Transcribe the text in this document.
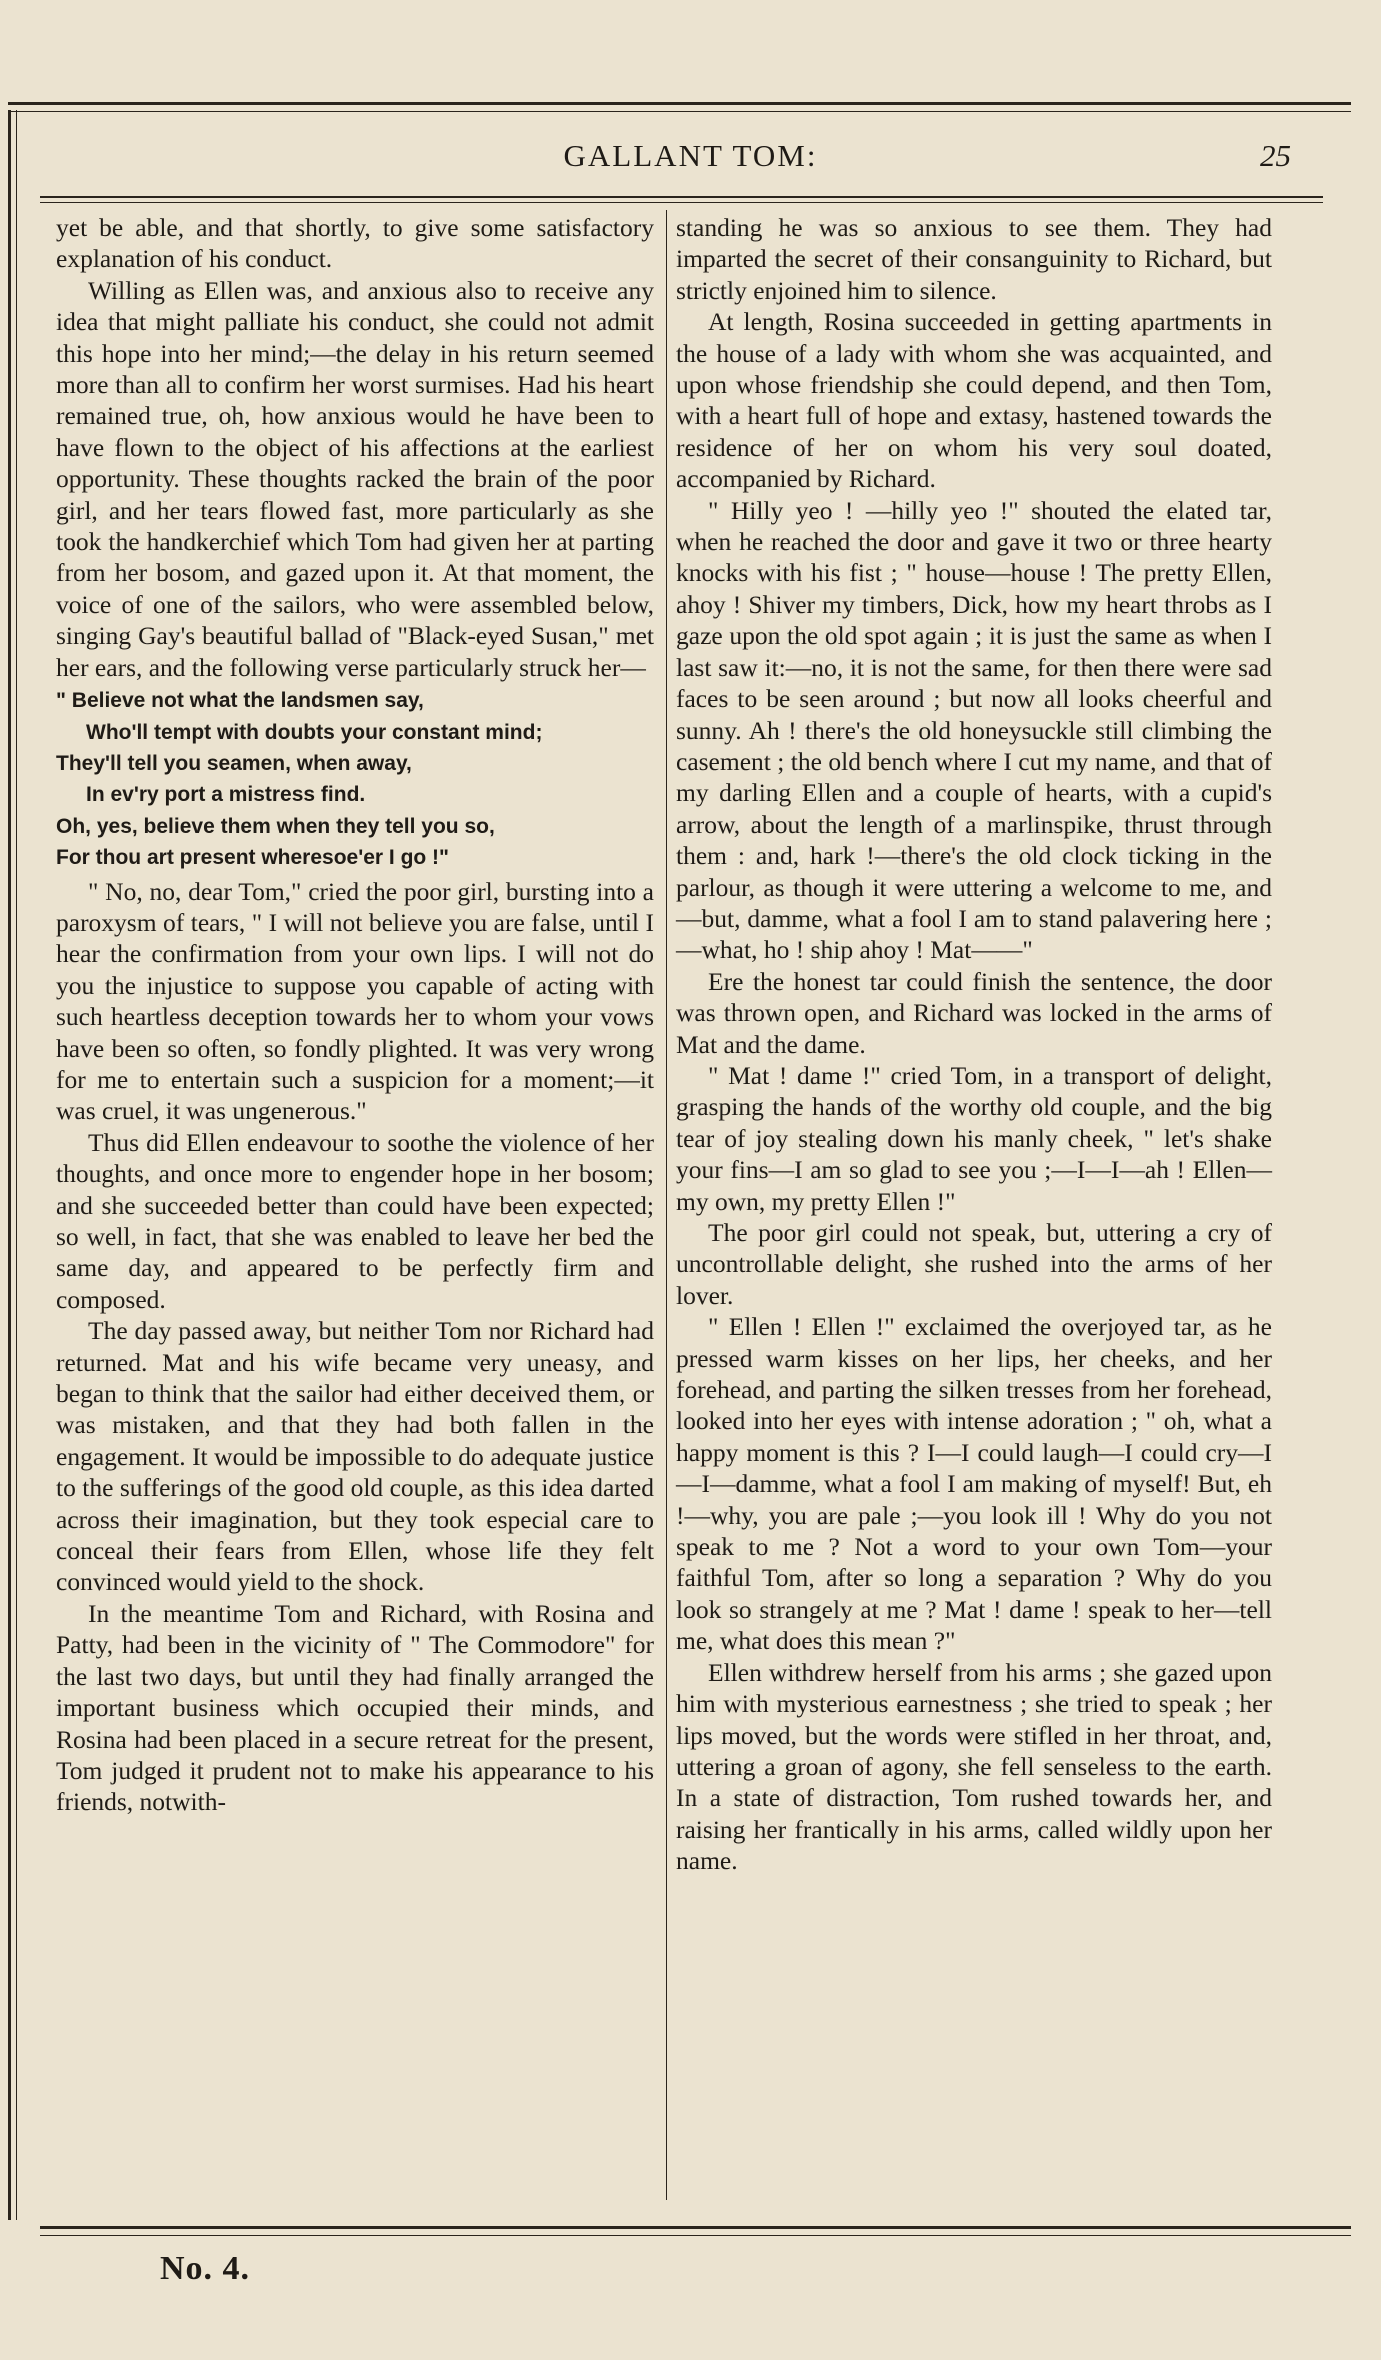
GALLANT TOM:	25

yet be able, and that shortly, to give some satisfactory explanation of his conduct.

Willing as Ellen was, and anxious also to receive any idea that might palliate his conduct, she could not admit this hope into her mind;—the delay in his return seemed more than all to confirm her worst surmises. Had his heart remained true, oh, how anxious would he have been to have flown to the object of his affections at the earliest opportunity. These thoughts racked the brain of the poor girl, and her tears flowed fast, more particularly as she took the handkerchief which Tom had given her at parting from her bosom, and gazed upon it. At that moment, the voice of one of the sailors, who were assembled below, singing Gay's beautiful ballad of "Black-eyed Susan," met her ears, and the following verse particularly struck her—

" Believe not what the landsmen say,
Who'll tempt with doubts your constant mind;
They'll tell you seamen, when away,
In ev'ry port a mistress find.
Oh, yes, believe them when they tell you so,
For thou art present wheresoe'er I go !"

" No, no, dear Tom," cried the poor girl, bursting into a paroxysm of tears, " I will not believe you are false, until I hear the confirmation from your own lips. I will not do you the injustice to suppose you capable of acting with such heartless deception towards her to whom your vows have been so often, so fondly plighted. It was very wrong for me to entertain such a suspicion for a moment;—it was cruel, it was ungenerous."

Thus did Ellen endeavour to soothe the violence of her thoughts, and once more to engender hope in her bosom; and she succeeded better than could have been expected; so well, in fact, that she was enabled to leave her bed the same day, and appeared to be perfectly firm and composed.

The day passed away, but neither Tom nor Richard had returned. Mat and his wife became very uneasy, and began to think that the sailor had either deceived them, or was mistaken, and that they had both fallen in the engagement. It would be impossible to do adequate justice to the sufferings of the good old couple, as this idea darted across their imagination, but they took especial care to conceal their fears from Ellen, whose life they felt convinced would yield to the shock.

In the meantime Tom and Richard, with Rosina and Patty, had been in the vicinity of " The Commodore" for the last two days, but until they had finally arranged the important business which occupied their minds, and Rosina had been placed in a secure retreat for the present, Tom judged it prudent not to make his appearance to his friends, notwith-

standing he was so anxious to see them. They had imparted the secret of their consanguinity to Richard, but strictly enjoined him to silence.

At length, Rosina succeeded in getting apartments in the house of a lady with whom she was acquainted, and upon whose friendship she could depend, and then Tom, with a heart full of hope and extasy, hastened towards the residence of her on whom his very soul doated, accompanied by Richard.

" Hilly yeo ! —hilly yeo !" shouted the elated tar, when he reached the door and gave it two or three hearty knocks with his fist ; " house—house ! The pretty Ellen, ahoy ! Shiver my timbers, Dick, how my heart throbs as I gaze upon the old spot again ; it is just the same as when I last saw it:—no, it is not the same, for then there were sad faces to be seen around ; but now all looks cheerful and sunny. Ah ! there's the old honeysuckle still climbing the casement ; the old bench where I cut my name, and that of my darling Ellen and a couple of hearts, with a cupid's arrow, about the length of a marlinspike, thrust through them : and, hark !—there's the old clock ticking in the parlour, as though it were uttering a welcome to me, and—but, damme, what a fool I am to stand palavering here ;—what, ho ! ship ahoy ! Mat——"

Ere the honest tar could finish the sentence, the door was thrown open, and Richard was locked in the arms of Mat and the dame.

" Mat ! dame !" cried Tom, in a transport of delight, grasping the hands of the worthy old couple, and the big tear of joy stealing down his manly cheek, " let's shake your fins—I am so glad to see you ;—I—I—ah ! Ellen—my own, my pretty Ellen !"

The poor girl could not speak, but, uttering a cry of uncontrollable delight, she rushed into the arms of her lover.

" Ellen ! Ellen !" exclaimed the overjoyed tar, as he pressed warm kisses on her lips, her cheeks, and her forehead, and parting the silken tresses from her forehead, looked into her eyes with intense adoration ; " oh, what a happy moment is this ? I—I could laugh—I could cry—I—I—damme, what a fool I am making of myself! But, eh !—why, you are pale ;—you look ill ! Why do you not speak to me ? Not a word to your own Tom—your faithful Tom, after so long a separation ? Why do you look so strangely at me ? Mat ! dame ! speak to her—tell me, what does this mean ?"

Ellen withdrew herself from his arms ; she gazed upon him with mysterious earnestness ; she tried to speak ; her lips moved, but the words were stifled in her throat, and, uttering a groan of agony, she fell senseless to the earth. In a state of distraction, Tom rushed towards her, and raising her frantically in his arms, called wildly upon her name.

No. 4.
